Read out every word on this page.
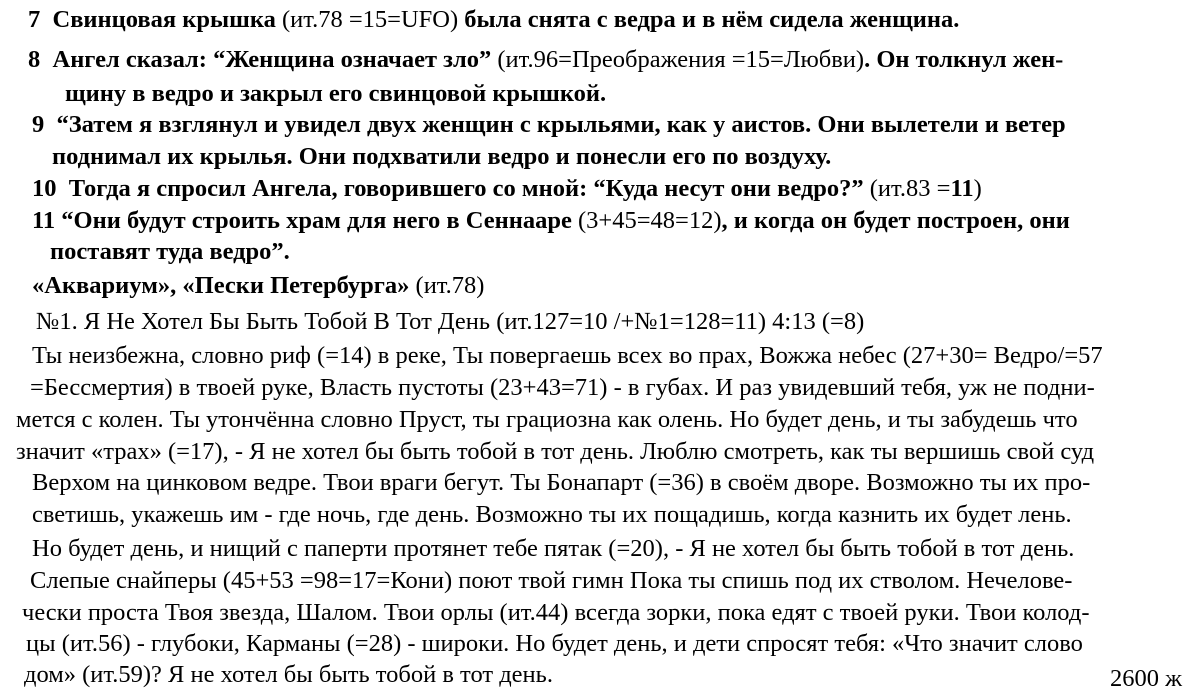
7 Свинцовая крышка (ит.78 =15=UFO) была снята с ведра и в нём сидела женщина.
8 Ангел сказал: “Женщина означает зло” (ит.96=Преображения =15=Любви). Он толкнул жен-
щину в ведро и закрыл его свинцовой крышкой.
9 “Затем я взглянул и увидел двух женщин с крыльями, как у аистов. Они вылетели и ветер
поднимал их крылья. Они подхватили ведро и понесли его по воздуху.
10 Тогда я спросил Ангела, говорившего со мной: “Куда несут они ведро?” (ит.83 =11)
11 “Они будут строить храм для него в Сеннааре (3+45=48=12), и когда он будет построен, они
поставят туда ведро”.
«Аквариум», «Пески Петербурга» (ит.78)
№1. Я Не Хотел Бы Быть Тобой В Тот День (ит.127=10 /+№1=128=11) 4:13 (=8)
Ты неизбежна, словно риф (=14) в реке, Ты повергаешь всех во прах, Вожжа небес (27+30= Ведро/=57
=Бессмертия) в твоей руке, Власть пустоты (23+43=71) - в губах. И раз увидевший тебя, уж не подни-
мется с колен. Ты утончённа словно Пруст, ты грациозна как олень. Но будет день, и ты забудешь что
значит «трах» (=17), - Я не хотел бы быть тобой в тот день. Люблю смотреть, как ты вершишь свой суд
Верхом на цинковом ведре. Твои враги бегут. Ты Бонапарт (=36) в своём дворе. Возможно ты их про-
светишь, укажешь им - где ночь, где день. Возможно ты их пощадишь, когда казнить их будет лень.
Но будет день, и нищий с паперти протянет тебе пятак (=20), - Я не хотел бы быть тобой в тот день.
Слепые снайперы (45+53 =98=17=Кони) поют твой гимн Пока ты спишь под их стволом. Нечелове-
чески проста Твоя звезда, Шалом. Твои орлы (ит.44) всегда зорки, пока едят с твоей руки. Твои колод-
цы (ит.56) - глубоки, Карманы (=28) - широки. Но будет день, и дети спросят тебя: «Что значит слово
дом» (ит.59)? Я не хотел бы быть тобой в тот день.	2600 ж
